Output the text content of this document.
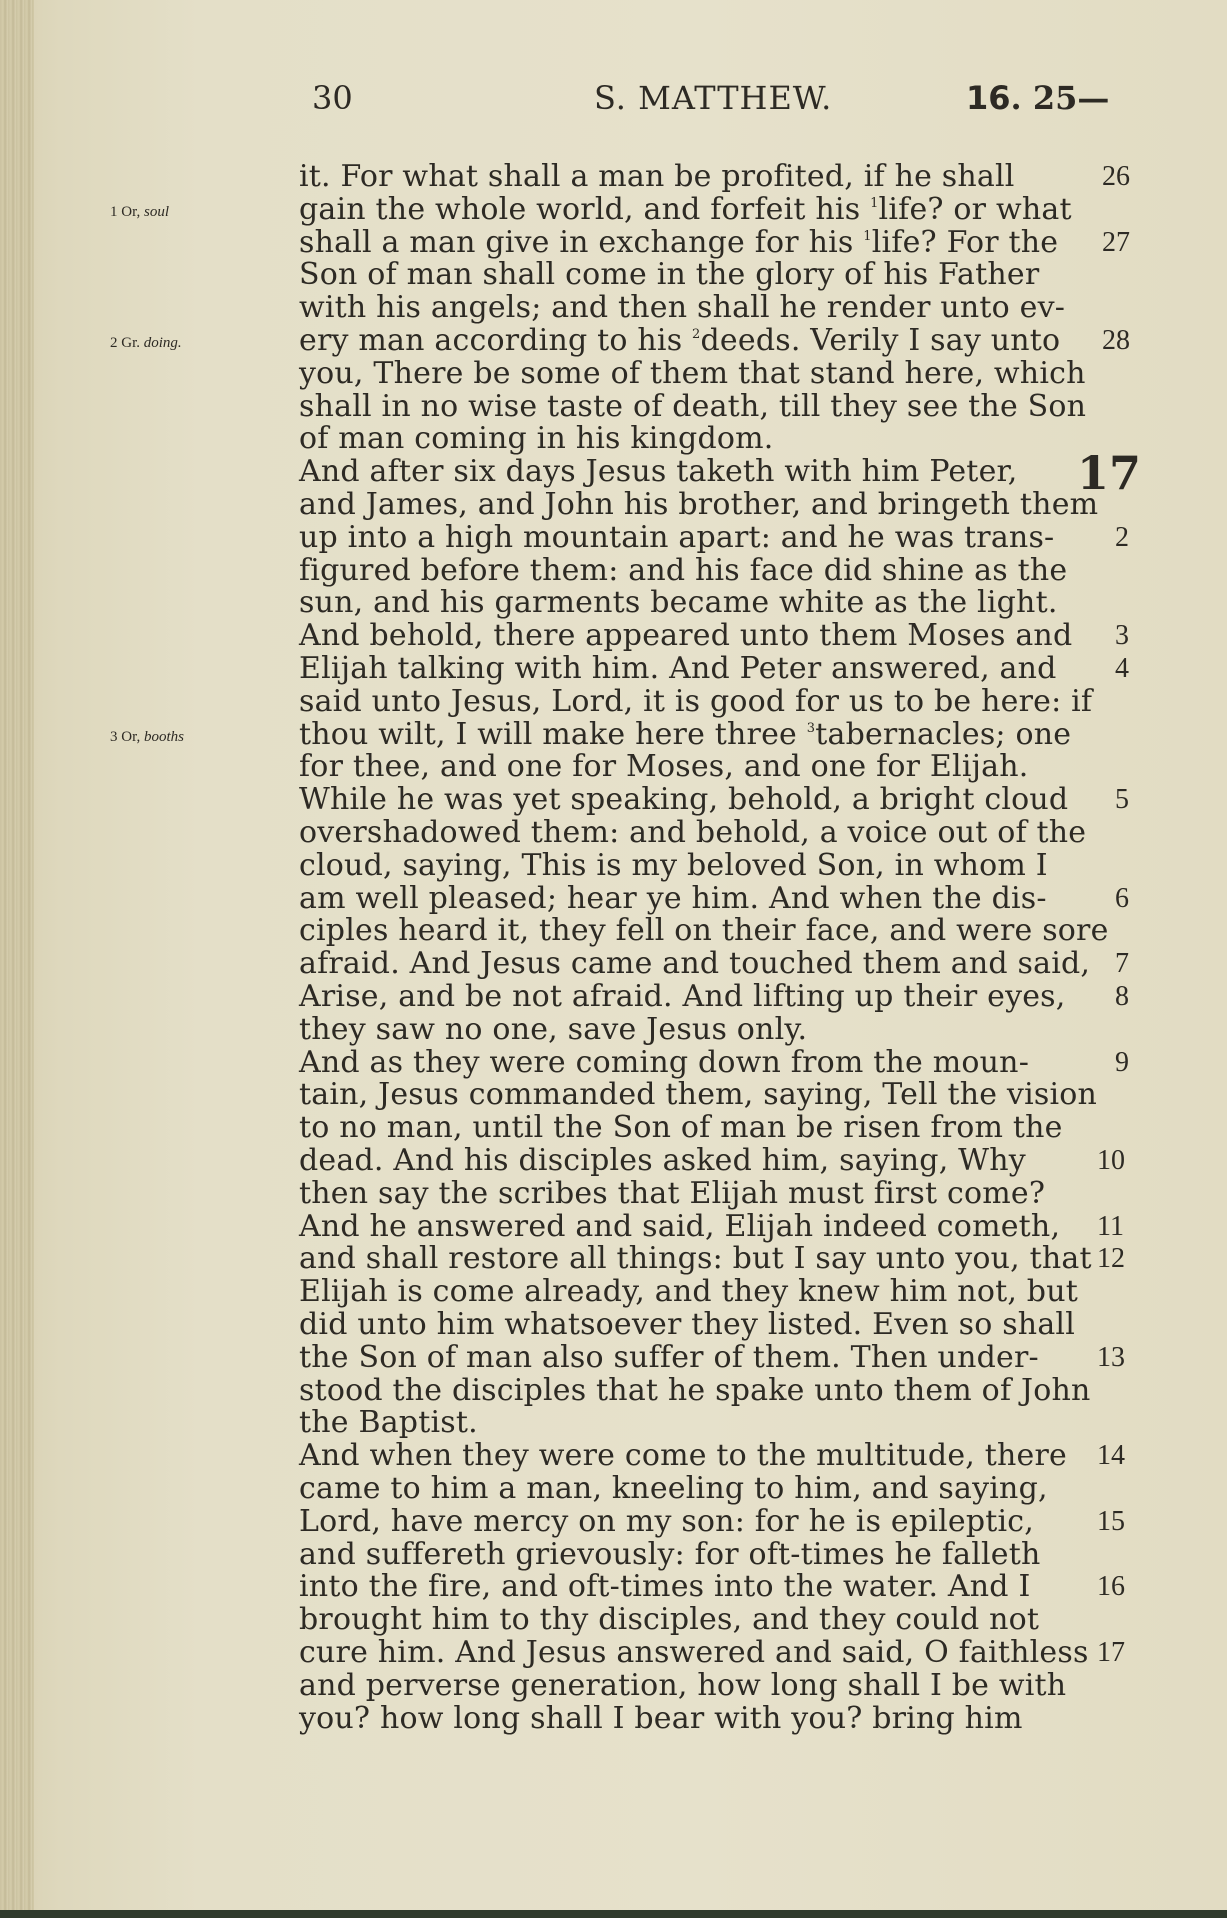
30	S. MATTHEW.	16. 25—
1 Or, soul
2 Gr. doing.
3 Or, booths
it. For what shall a man be profited, if he shall
gain the whole world, and forfeit his $^1$life? or what
shall a man give in exchange for his $^1$life? For the
Son of man shall come in the glory of his Father
with his angels; and then shall he render unto ev-
ery man according to his $^2$deeds. Verily I say unto
you, There be some of them that stand here, which
shall in no wise taste of death, till they see the Son
of man coming in his kingdom.
And after six days Jesus taketh with him Peter,
and James, and John his brother, and bringeth them
up into a high mountain apart: and he was trans-
figured before them: and his face did shine as the
sun, and his garments became white as the light.
And behold, there appeared unto them Moses and
Elijah talking with him. And Peter answered, and
said unto Jesus, Lord, it is good for us to be here: if
thou wilt, I will make here three $^3$tabernacles; one
for thee, and one for Moses, and one for Elijah.
While he was yet speaking, behold, a bright cloud
overshadowed them: and behold, a voice out of the
cloud, saying, This is my beloved Son, in whom I
am well pleased; hear ye him. And when the dis-
ciples heard it, they fell on their face, and were sore
afraid. And Jesus came and touched them and said,
Arise, and be not afraid. And lifting up their eyes,
they saw no one, save Jesus only.
And as they were coming down from the moun-
tain, Jesus commanded them, saying, Tell the vision
to no man, until the Son of man be risen from the
dead. And his disciples asked him, saying, Why
then say the scribes that Elijah must first come?
And he answered and said, Elijah indeed cometh,
and shall restore all things: but I say unto you, that
Elijah is come already, and they knew him not, but
did unto him whatsoever they listed. Even so shall
the Son of man also suffer of them. Then under-
stood the disciples that he spake unto them of John
the Baptist.
And when they were come to the multitude, there
came to him a man, kneeling to him, and saying,
Lord, have mercy on my son: for he is epileptic,
and suffereth grievously: for oft-times he falleth
into the fire, and oft-times into the water. And I
brought him to thy disciples, and they could not
cure him. And Jesus answered and said, O faithless
and perverse generation, how long shall I be with
you? how long shall I bear with you? bring him
26
27
28
2
3
4
5
6
7
8
9
10
11
12
13
14
15
16
17
17
